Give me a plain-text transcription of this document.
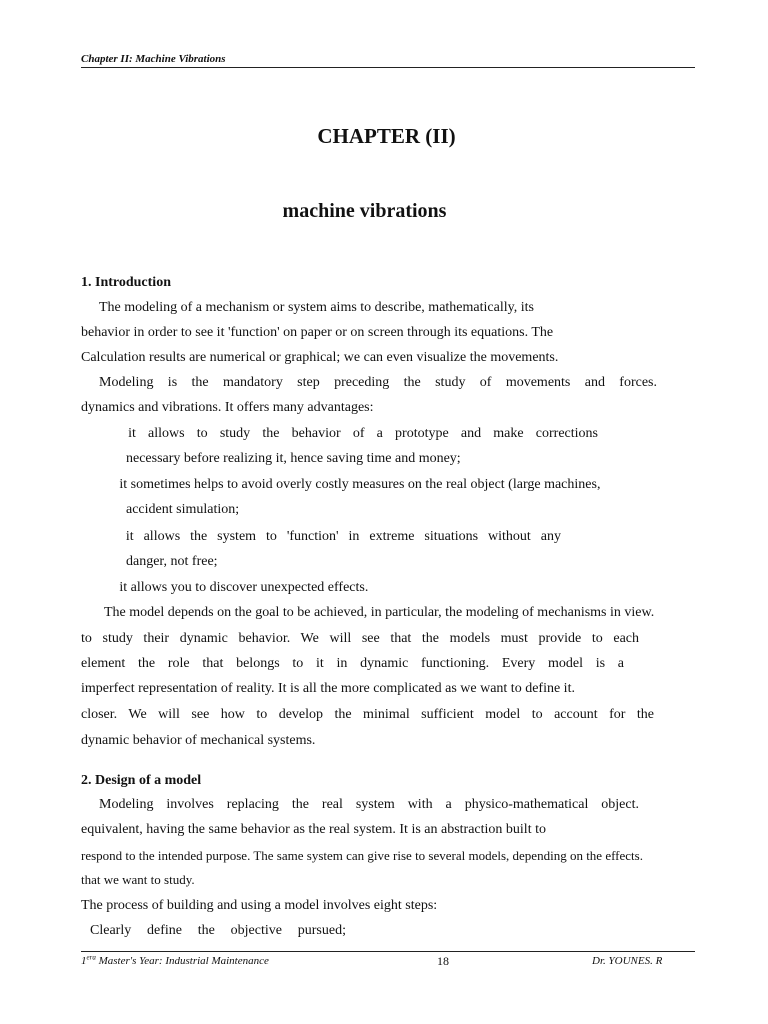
Chapter II: Machine Vibrations
CHAPTER (II)
machine vibrations
1. Introduction
The modeling of a mechanism or system aims to describe, mathematically, its
behavior in order to see it 'function' on paper or on screen through its equations. The
Calculation results are numerical or graphical; we can even visualize the movements.
Modeling is the mandatory step preceding the study of movements and forces.
dynamics and vibrations. It offers many advantages:
it allows to study the behavior of a prototype and make corrections
necessary before realizing it, hence saving time and money;
it sometimes helps to avoid overly costly measures on the real object (large machines,
accident simulation;
it allows the system to 'function' in extreme situations without any
danger, not free;
it allows you to discover unexpected effects.
The model depends on the goal to be achieved, in particular, the modeling of mechanisms in view.
to study their dynamic behavior. We will see that the models must provide to each
element the role that belongs to it in dynamic functioning. Every model is a
imperfect representation of reality. It is all the more complicated as we want to define it.
closer. We will see how to develop the minimal sufficient model to account for the
dynamic behavior of mechanical systems.
2. Design of a model
Modeling involves replacing the real system with a physico-mathematical object.
equivalent, having the same behavior as the real system. It is an abstraction built to
respond to the intended purpose. The same system can give rise to several models, depending on the effects.
that we want to study.
The process of building and using a model involves eight steps:
Clearly define the objective pursued;
$1^{era}$ Master's Year: Industrial Maintenance	18	Dr. YOUNES. R
